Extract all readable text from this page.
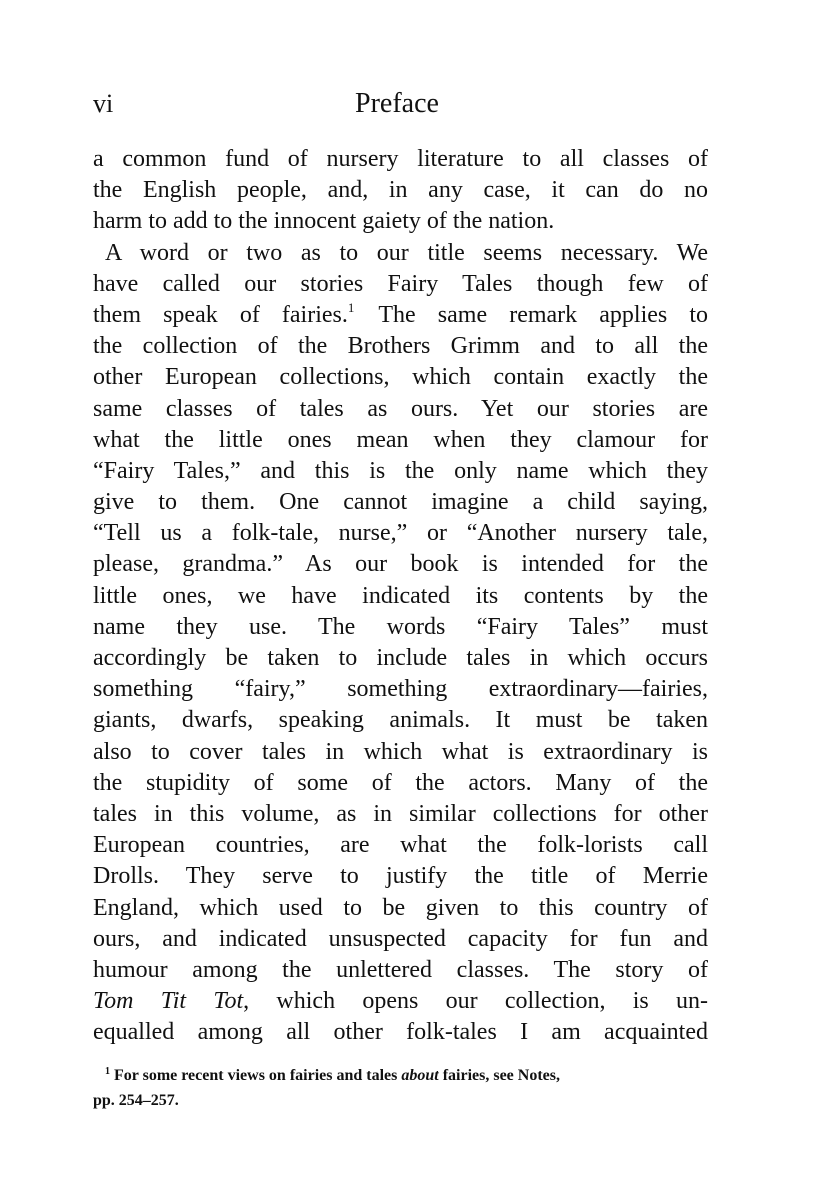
vi	Preface
a common fund of nursery literature to all classes of
the English people, and, in any case, it can do no
harm to add to the innocent gaiety of the nation.
A word or two as to our title seems necessary. We
have called our stories Fairy Tales though few of
them speak of fairies.$^1$  The same remark applies to
the collection of the Brothers Grimm and to all the
other European collections, which contain exactly the
same classes of tales as ours. Yet our stories are
what the little ones mean when they clamour for
“Fairy Tales,” and this is the only name which they
give to them. One cannot imagine a child saying,
“Tell us a folk-tale, nurse,” or “Another nursery tale,
please, grandma.” As our book is intended for the
little ones, we have indicated its contents by the
name they use. The words “Fairy Tales” must
accordingly be taken to include tales in which occurs
something “fairy,” something extraordinary—fairies,
giants, dwarfs, speaking animals. It must be taken
also to cover tales in which what is extraordinary is
the stupidity of some of the actors. Many of the
tales in this volume, as in similar collections for other
European countries, are what the folk-lorists call
Drolls. They serve to justify the title of Merrie
England, which used to be given to this country of
ours, and indicated unsuspected capacity for fun and
humour among the unlettered classes. The story of
Tom Tit Tot, which opens our collection, is un-
equalled among all other folk-tales I am acquainted
$^1$ For some recent views on fairies and tales about fairies, see Notes,
pp. 254–257.
